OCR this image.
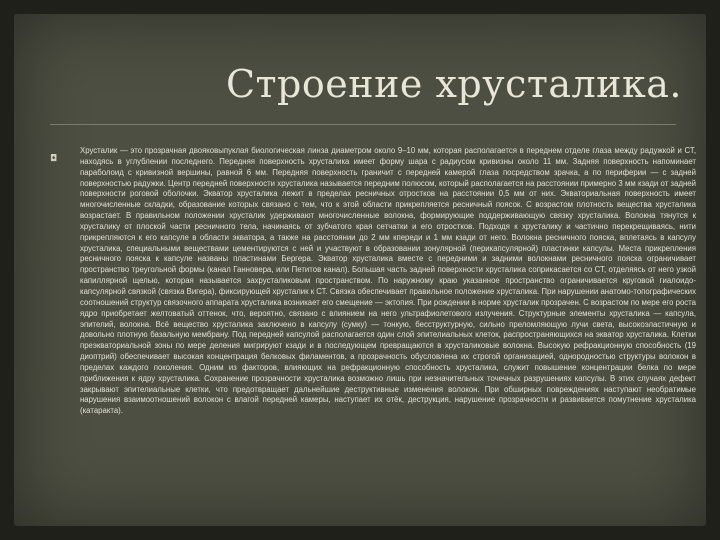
Строение хрусталика.
◘
Хрусталик — это прозрачная двояковыпуклая биологическая линза диаметром около 9–10 мм, которая располагается в переднем отделе глаза между радужкой и СТ, находясь в углублении последнего. Передняя поверхность хрусталика имеет форму шара с радиусом кривизны около 11 мм. Задняя поверхность напоминает параболоид с кривизной вершины, равной 6 мм. Передняя поверхность граничит с передней камерой глаза посредством зрачка, а по периферии — с задней поверхностью радужки. Центр передней поверхности хрусталика называется передним полюсом, который располагается на расстоянии примерно 3 мм кзади от задней поверхности роговой оболочки. Экватор хрусталика лежит в пределах ресничных отростков на расстоянии 0,5 мм от них. Экваториальная поверхность имеет многочисленные складки, образование которых связано с тем, что к этой области прикрепляется ресничный поясок. С возрастом плотность вещества хрусталика возрастает. В правильном положении хрусталик удерживают многочисленные волокна, формирующие поддерживающую связку хрусталика. Волокна тянутся к хрусталику от плоской части ресничного тела, начинаясь от зубчатого края сетчатки и его отростков. Подходя к хрусталику и частично перекрещиваясь, нити прикрепляются к его капсуле в области экватора, а также на расстоянии до 2 мм кпереди и 1 мм кзади от него. Волокна ресничного пояска, вплетаясь в капсулу хрусталика, специальными веществами цементируются с ней и участвуют в образовании зонулярной (перикапсулярной) пластинки капсулы. Места прикрепления ресничного пояска к капсуле названы пластинами Бергера. Экватор хрусталика вместе с передними и задними волокнами ресничного пояска ограничивает пространство треугольной формы (канал Ганновера, или Петитов канал). Большая часть задней поверхности хрусталика соприкасается со СТ, отделяясь от него узкой капиллярной щелью, которая называется захрусталиковым пространством. По наружному краю указанное пространство ограничивается круговой гиалоидо-капсулярной связкой (связка Вигера), фиксирующей хрусталик к СТ. Связка обеспечивает правильное положение хрусталика. При нарушении анатомо-топографических соотношений структур связочного аппарата хрусталика возникает его смещение — эктопия. При рождении в норме хрусталик прозрачен. С возрастом по мере его роста ядро приобретает желтоватый оттенок, что, вероятно, связано с влиянием на него ультрафиолетового излучения. Структурные элементы хрусталика — капсула, эпителий, волокна. Всё вещество хрусталика заключено в капсулу (сумку) — тонкую, бесструктурную, сильно преломляющую лучи света, высокоэластичную и довольно плотную базальную мембрану. Под передней капсулой располагается один слой эпителиальных клеток, распространяющихся на экватор хрусталика. Клетки преэкваториальной зоны по мере деления мигрируют кзади и в последующем превращаются в хрусталиковые волокна. Высокую рефракционную способность (19 диоптрий) обеспечивает высокая концентрация белковых филаментов, а прозрачность обусловлена их строгой организацией, однородностью структуры волокон в пределах каждого поколения. Одним из факторов, влияющих на рефракционную способность хрусталика, служит повышение концентрации белка по мере приближения к ядру хрусталика. Сохранение прозрачности хрусталика возможно лишь при незначительных точечных разрушениях капсулы. В этих случаях дефект закрывают эпителиальные клетки, что предотвращает дальнейшие деструктивные изменения волокон. При обширных повреждениях наступают необратимые нарушения взаимоотношений волокон с влагой передней камеры, наступает их отёк, деструкция, нарушение прозрачности и развивается помутнение хрусталика (катаракта).
